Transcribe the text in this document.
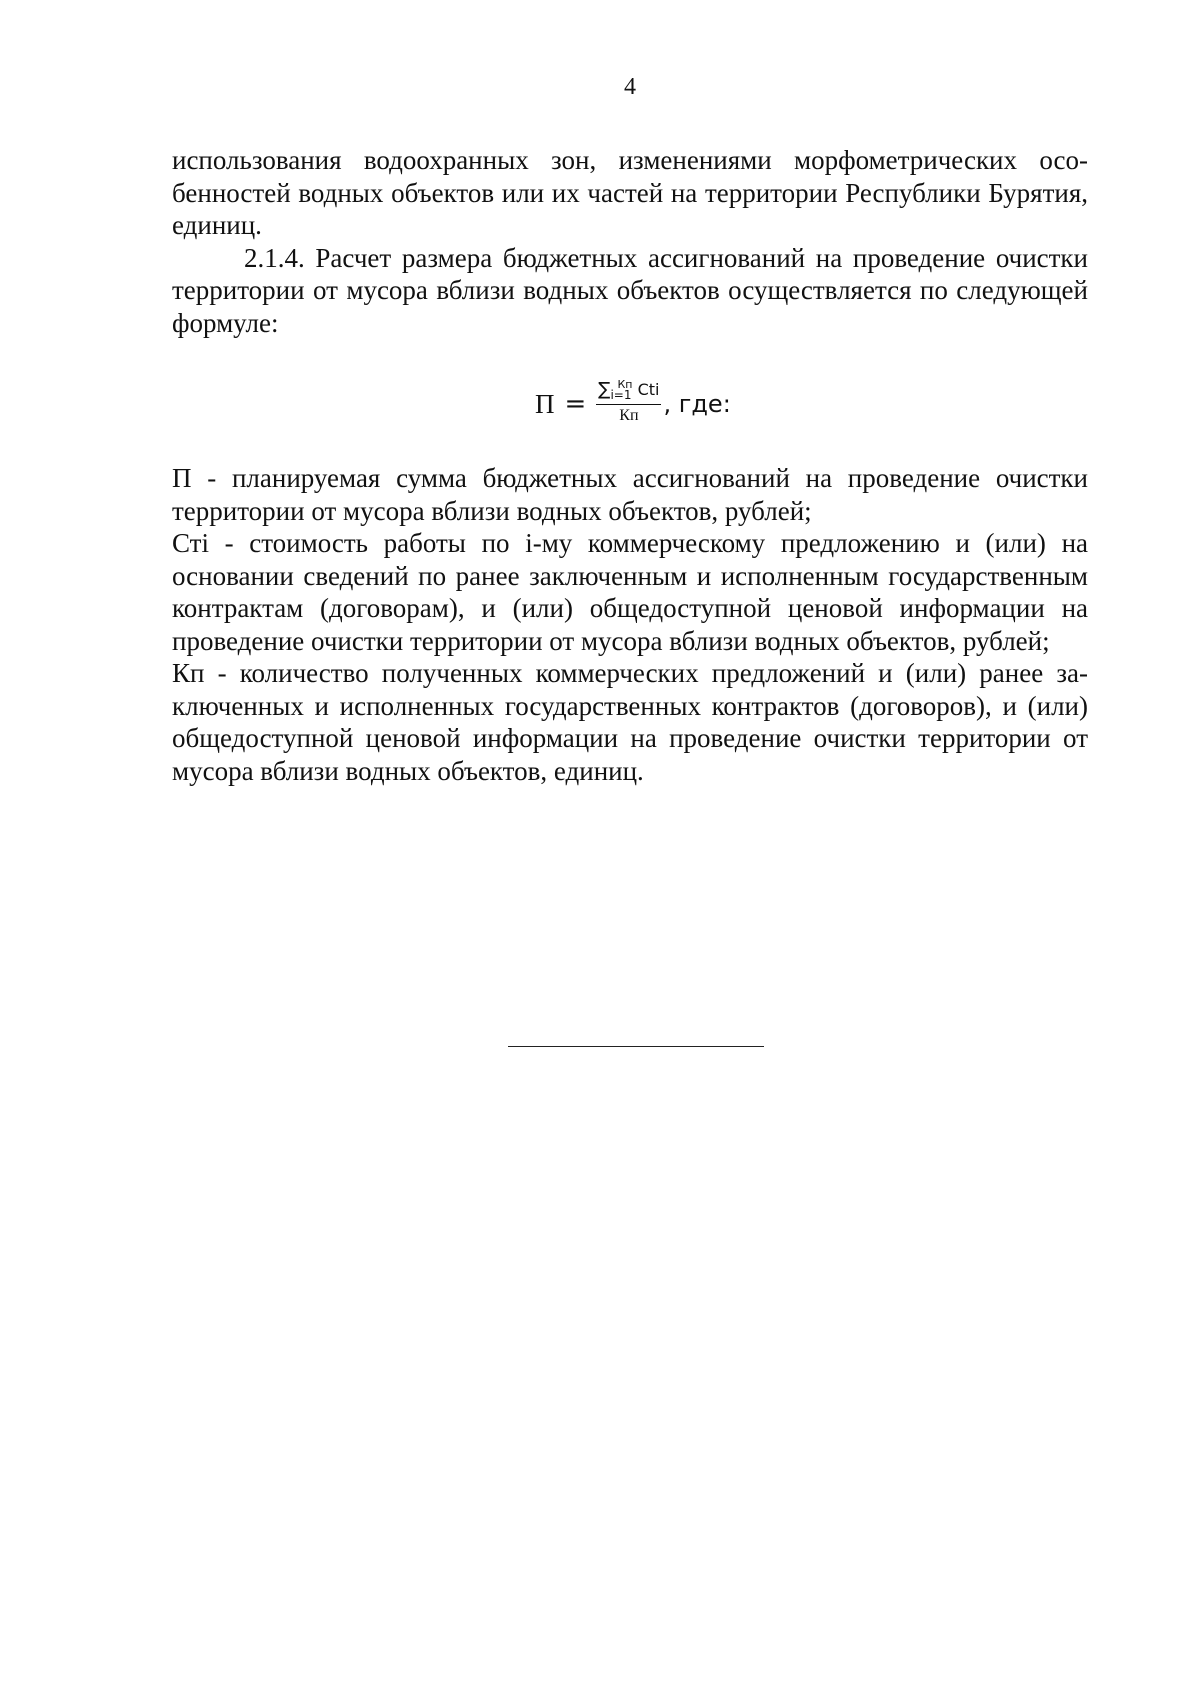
4

использования водоохранных зон, изменениями морфометрических особенностей водных объектов или их частей на территории Республики Бурятия, единиц.

2.1.4. Расчет размера бюджетных ассигнований на проведение очистки территории от мусора вблизи водных объектов осуществляется по следующей формуле:

$П = \frac{\sum_{i=1}^{Кп} Cti}{Кп}$ , где:

П - планируемая сумма бюджетных ассигнований на проведение очистки территории от мусора вблизи водных объектов, рублей;

Сті - стоимость работы по і-му коммерческому предложению и (или) на основании сведений по ранее заключенным и исполненным государственным контрактам (договорам), и (или) общедоступной ценовой информации на проведение очистки территории от мусора вблизи водных объектов, рублей;

Кп - количество полученных коммерческих предложений и (или) ранее заключенных и исполненных государственных контрактов (договоров), и (или) общедоступной ценовой информации на проведение очистки территории от мусора вблизи водных объектов, единиц.
